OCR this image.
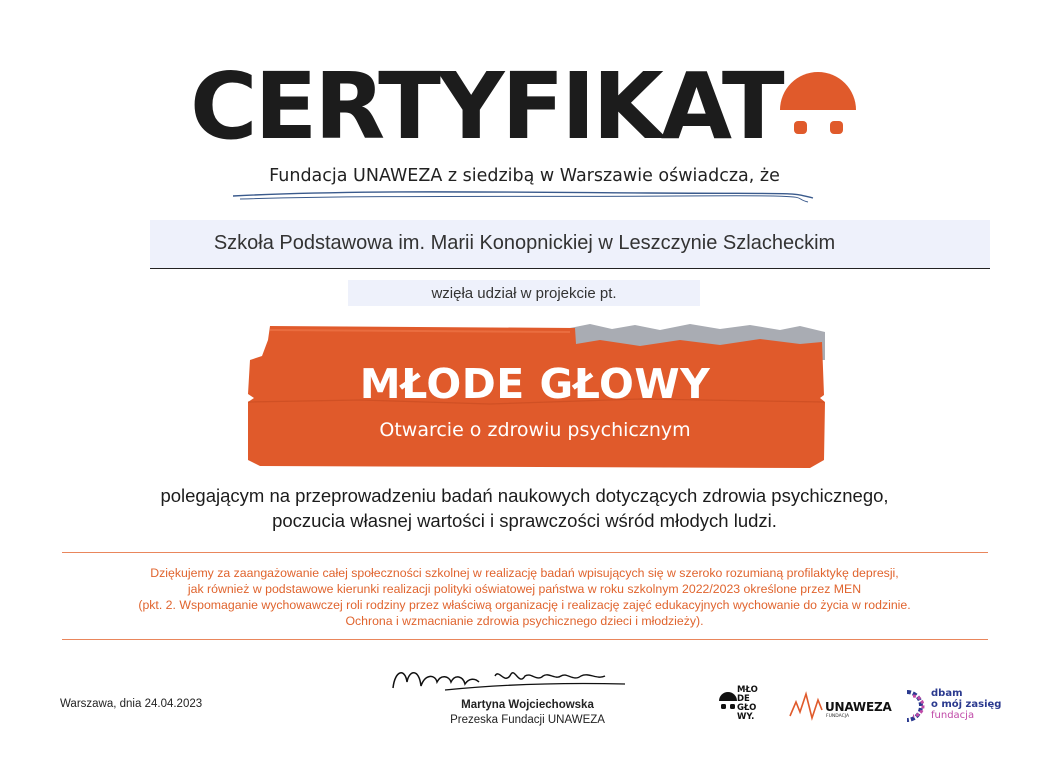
CERTYFIKAT
Fundacja UNAWEZA z siedzibą w Warszawie oświadcza, że
Szkoła Podstawowa im. Marii Konopnickiej w Leszczynie Szlacheckim
wzięła udział w projekcie pt.
MŁODE GŁOWY
Otwarcie o zdrowiu psychicznym
polegającym na przeprowadzeniu badań naukowych dotyczących zdrowia psychicznego,
poczucia własnej wartości i sprawczości wśród młodych ludzi.
Dziękujemy za zaangażowanie całej społeczności szkolnej w realizację badań wpisujących się w szeroko rozumianą profilaktykę depresji,
jak również w podstawowe kierunki realizacji polityki oświatowej państwa w roku szkolnym 2022/2023 określone przez MEN
(pkt. 2. Wspomaganie wychowawczej roli rodziny przez właściwą organizację i realizację zajęć edukacyjnych wychowanie do życia w rodzinie.
Ochrona i wzmacnianie zdrowia psychicznego dzieci i młodzieży).
Warszawa, dnia 24.04.2023	Martyna Wojciechowska
Prezeska Fundacji UNAWEZA
MŁO
DE
GŁO
WY.
UNAWEZA
FUNDACJA
dbam
o mój zasięg
fundacja
